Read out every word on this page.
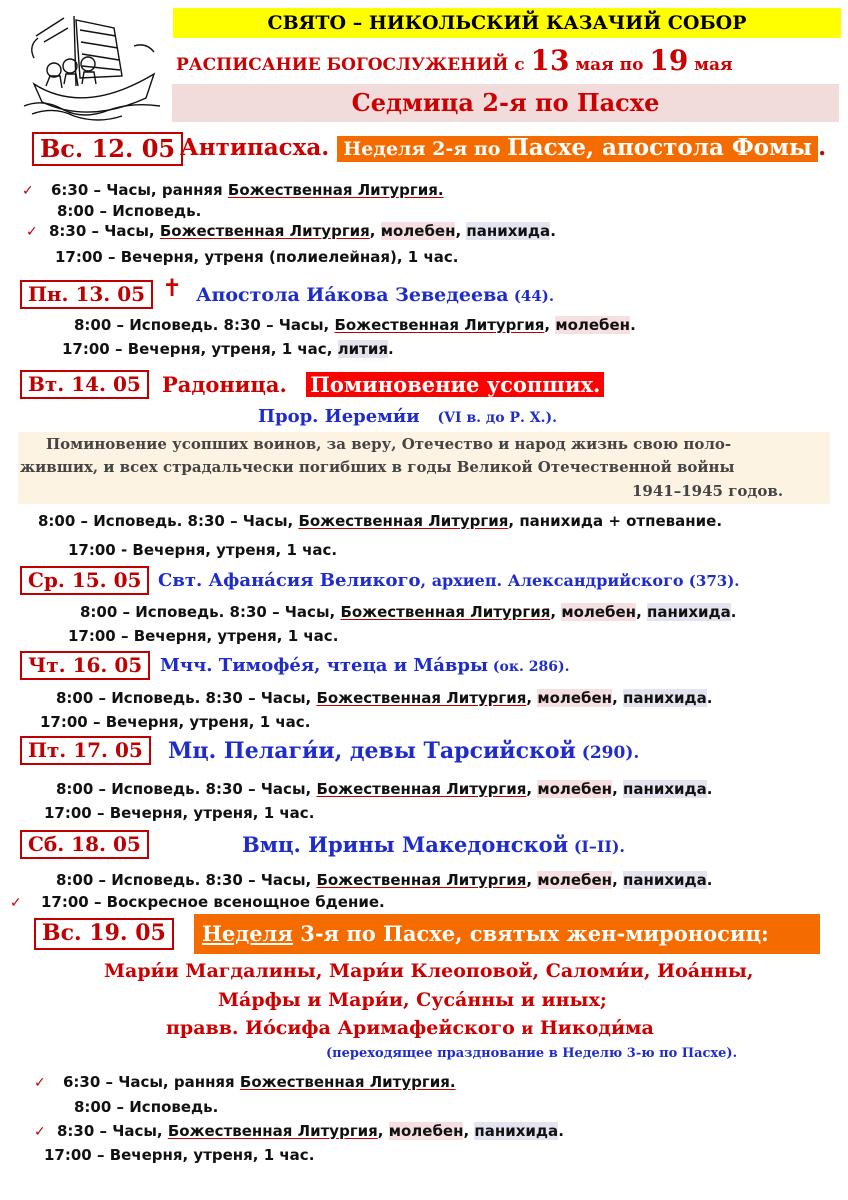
СВЯТО – НИКОЛЬСКИЙ КАЗАЧИЙ СОБОР
РАСПИСАНИЕ БОГОСЛУЖЕНИЙ с 13 мая по 19 мая
Седмица 2-я по Пасхе
Вс. 12. 05 Антипасха. Неделя 2-я по Пасхе, апостола Фомы .
✓ 6:30 – Часы, ранняя Божественная Литургия.
8:00 – Исповедь.
✓ 8:30 – Часы, Божественная Литургия, молебен, панихида.
17:00 – Вечерня, утреня (полиелейная), 1 час.
Пн. 13. 05 ✝ Апостола Иáкова Зеведеева (44).
8:00 – Исповедь. 8:30 – Часы, Божественная Литургия, молебен.
17:00 – Вечерня, утреня, 1 час, лития.
Вт. 14. 05	Радоница. Поминовение усопших.
Прор. Иереми́и (VI в. до Р. Х.).
Поминовение усопших воинов, за веру, Отечество и народ жизнь свою поло-
живших, и всех страдальчески погибших в годы Великой Отечественной войны
1941–1945 годов.
8:00 – Исповедь. 8:30 – Часы, Божественная Литургия, панихида + отпевание.
17:00 - Вечерня, утреня, 1 час.
Ср. 15. 05 Свт. Афана́сия Великого, архиеп. Александрийского (373).
8:00 – Исповедь. 8:30 – Часы, Божественная Литургия, молебен, панихида.
17:00 – Вечерня, утреня, 1 час.
Чт. 16. 05 Мчч. Тимофе́я, чтеца и Ма́вры (ок. 286).
8:00 – Исповедь. 8:30 – Часы, Божественная Литургия, молебен, панихида.
17:00 – Вечерня, утреня, 1 час.
Пт. 17. 05	Мц. Пелаги́и, девы Тарсийской (290).
8:00 – Исповедь. 8:30 – Часы, Божественная Литургия, молебен, панихида.
17:00 – Вечерня, утреня, 1 час.
Сб. 18. 05	Вмц. Ирины Македонской (I–II).
8:00 – Исповедь. 8:30 – Часы, Божественная Литургия, молебен, панихида.
✓ 17:00 – Воскресное всенощное бдение.
Вс. 19. 05	Неделя 3-я по Пасхе, святых жен-мироносиц:
Мари́и Магдалины, Мари́и Клеоповой, Саломи́и, Иоа́нны,
Ма́рфы и Мари́и, Суса́нны и иных;
правв. Ио́сифа Аримафейского и Никоди́ма
(переходящее празднование в Неделю 3-ю по Пасхе).
✓ 6:30 – Часы, ранняя Божественная Литургия.
8:00 – Исповедь.
✓ 8:30 – Часы, Божественная Литургия, молебен, панихида.
17:00 – Вечерня, утреня, 1 час.
